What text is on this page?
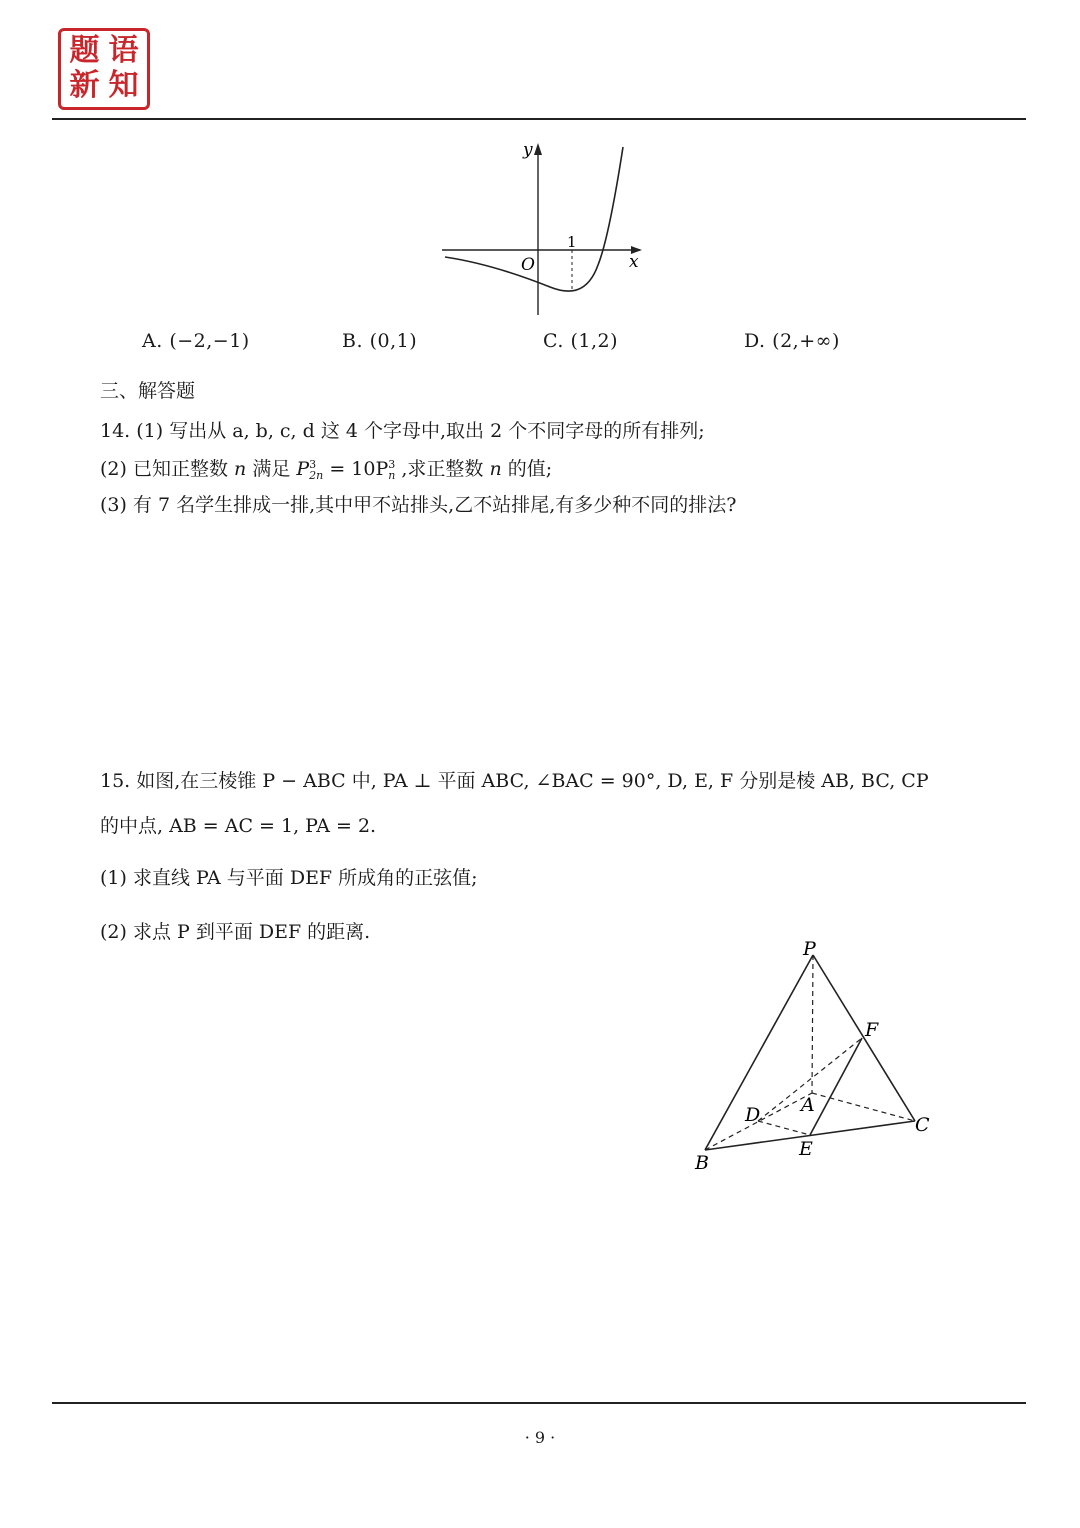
题 语
新 知
y
x
O
1
A. (−2,−1)	B. (0,1)	C. (1,2)	D. (2,+∞)
三、解答题
14. (1) 写出从 a, b, c, d 这 4 个字母中,取出 2 个不同字母的所有排列;
(2) 已知正整数 n 满足 P 3
2n = 10P 3
n ,求正整数 n 的值;
(3) 有 7 名学生排成一排,其中甲不站排头,乙不站排尾,有多少种不同的排法?
15. 如图,在三棱锥 P − ABC 中, PA ⊥ 平面 ABC, ∠BAC = 90°, D, E, F 分别是棱 AB, BC, CP
的中点, AB = AC = 1, PA = 2.
(1) 求直线 PA 与平面 DEF 所成角的正弦值;
(2) 求点 P 到平面 DEF 的距离.
P
F
D A
C
E
B
· 9 ·
